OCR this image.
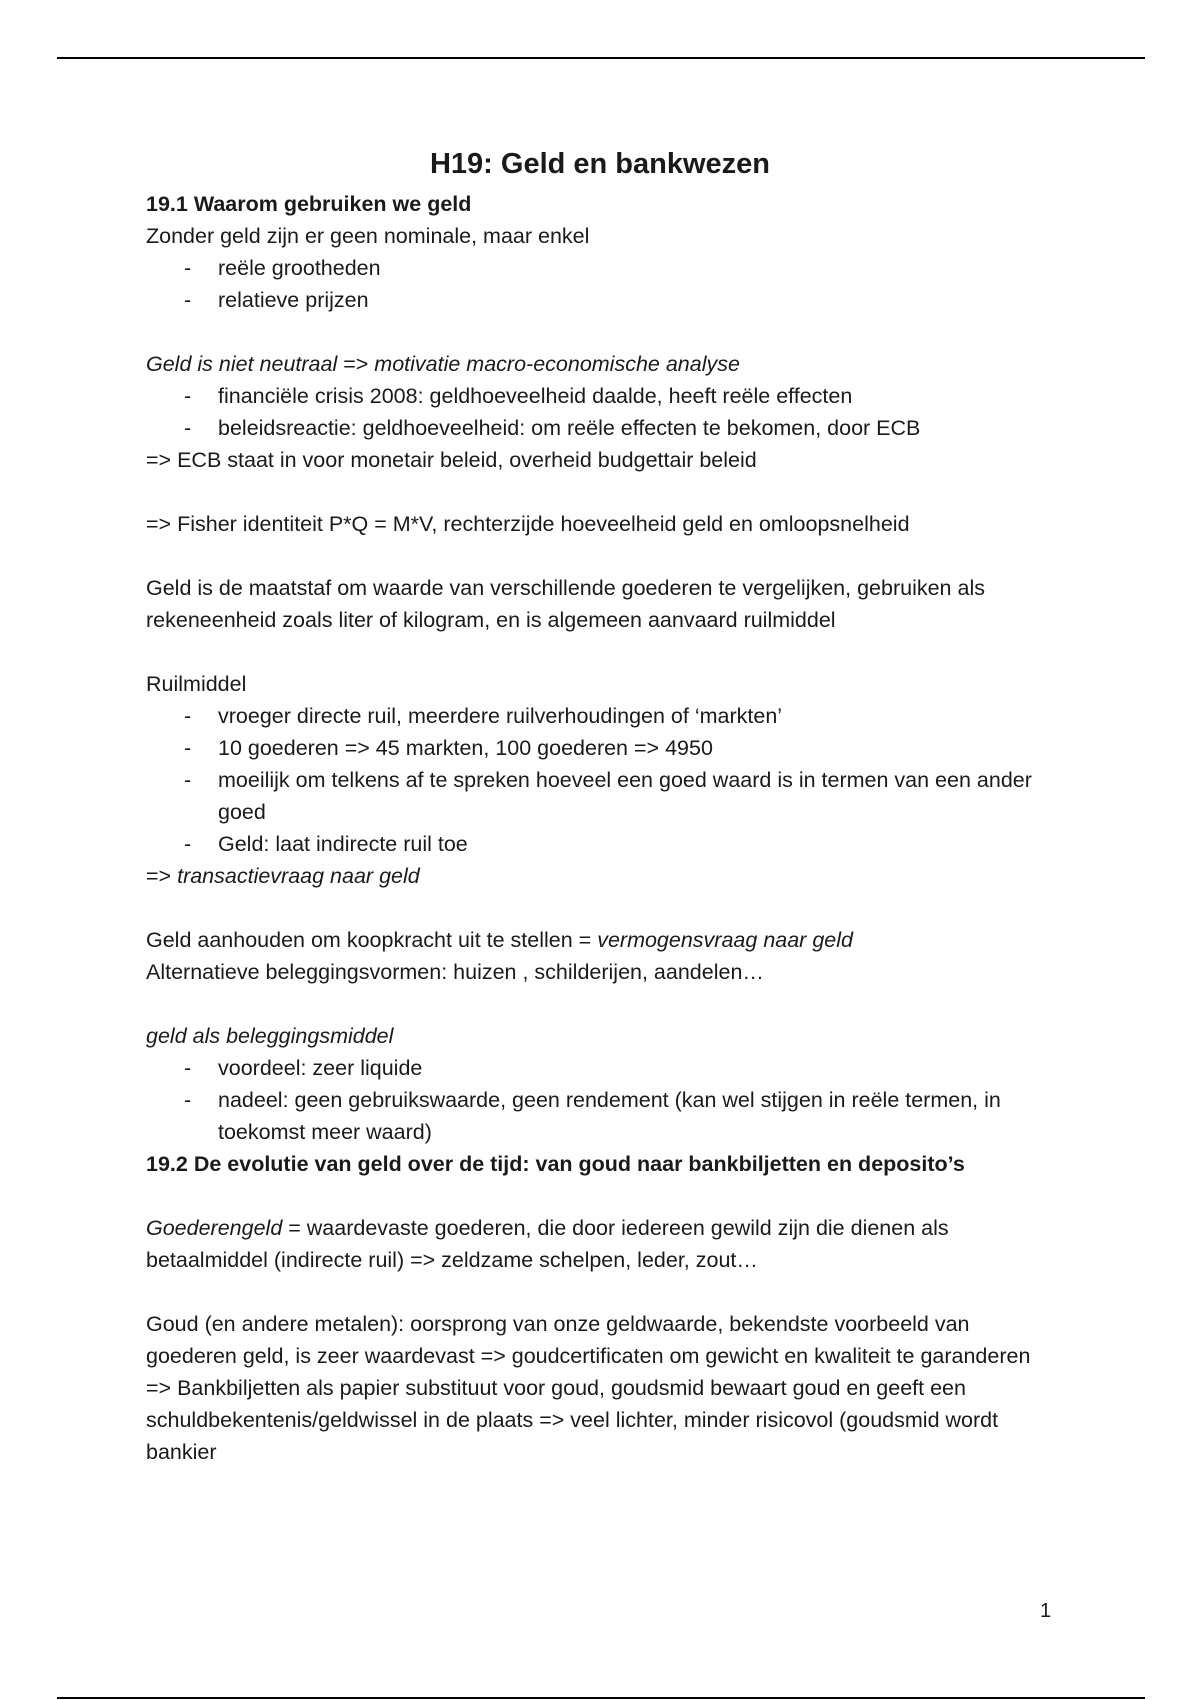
H19: Geld en bankwezen

19.1 Waarom gebruiken we geld

Zonder geld zijn er geen nominale, maar enkel

- reële grootheden
- relatieve prijzen

Geld is niet neutraal => motivatie macro-economische analyse

- financiële crisis 2008: geldhoeveelheid daalde, heeft reële effecten
- beleidsreactie: geldhoeveelheid: om reële effecten te bekomen, door ECB

=> ECB staat in voor monetair beleid, overheid budgettair beleid

=> Fisher identiteit P*Q = M*V, rechterzijde hoeveelheid geld en omloopsnelheid

Geld is de maatstaf om waarde van verschillende goederen te vergelijken, gebruiken als rekeneenheid zoals liter of kilogram, en is algemeen aanvaard ruilmiddel

Ruilmiddel

- vroeger directe ruil, meerdere ruilverhoudingen of ‘markten’
- 10 goederen => 45 markten, 100 goederen => 4950
- moeilijk om telkens af te spreken hoeveel een goed waard is in termen van een ander goed
- Geld: laat indirecte ruil toe

=> transactievraag naar geld

Geld aanhouden om koopkracht uit te stellen = vermogensvraag naar geld

Alternatieve beleggingsvormen: huizen , schilderijen, aandelen…

geld als beleggingsmiddel

- voordeel: zeer liquide
- nadeel: geen gebruikswaarde, geen rendement (kan wel stijgen in reële termen, in toekomst meer waard)

19.2 De evolutie van geld over de tijd: van goud naar bankbiljetten en deposito’s

Goederengeld = waardevaste goederen, die door iedereen gewild zijn die dienen als betaalmiddel (indirecte ruil) => zeldzame schelpen, leder, zout…

Goud (en andere metalen): oorsprong van onze geldwaarde, bekendste voorbeeld van goederen geld, is zeer waardevast => goudcertificaten om gewicht en kwaliteit te garanderen

=> Bankbiljetten als papier substituut voor goud, goudsmid bewaart goud en geeft een schuldbekentenis/geldwissel in de plaats => veel lichter, minder risicovol (goudsmid wordt bankier

1
